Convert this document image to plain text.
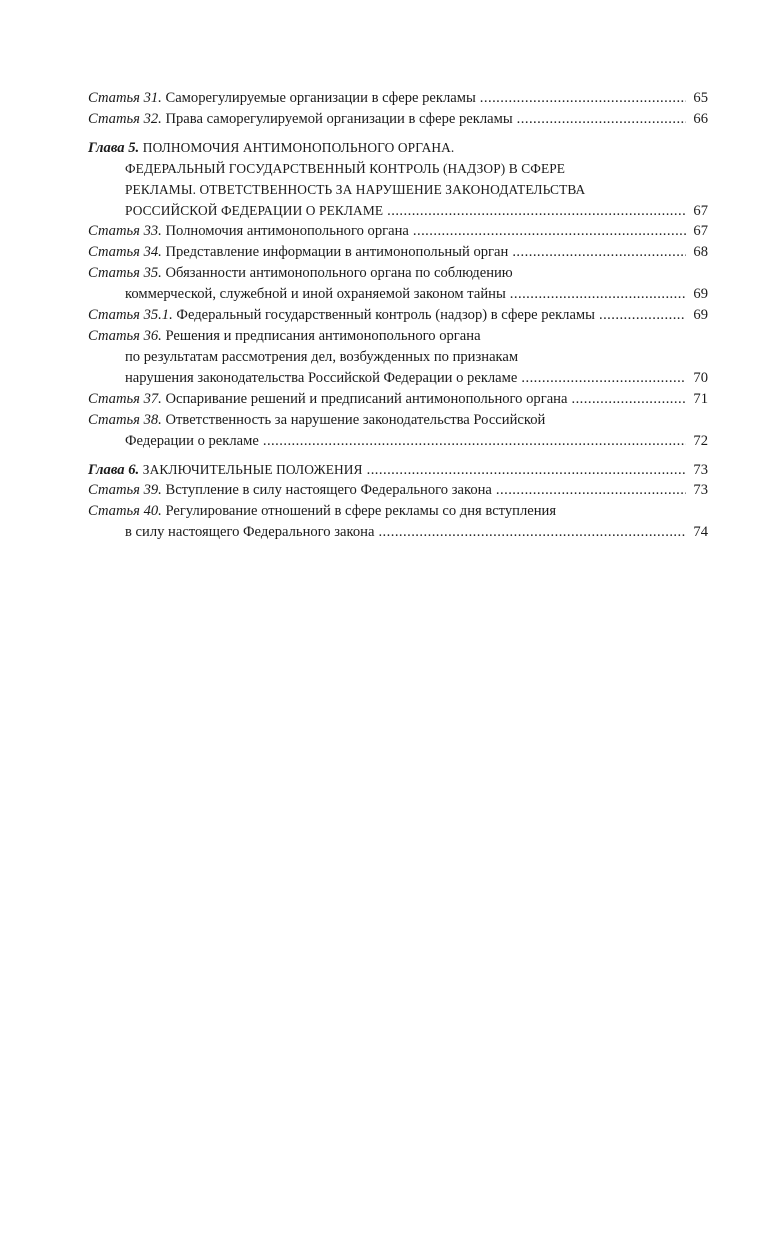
Статья 31.
Саморегулируемые организации в сфере рекламы . . .	65
Статья 32.
Права саморегулируемой организации в сфере рекламы . . .	66
Глава 5.
ПОЛНОМОЧИЯ АНТИМОНОПОЛЬНОГО ОРГАНА.
ФЕДЕРАЛЬНЫЙ ГОСУДАРСТВЕННЫЙ КОНТРОЛЬ (НАДЗОР) В СФЕРЕ
РЕКЛАМЫ. ОТВЕТСТВЕННОСТЬ ЗА НАРУШЕНИЕ ЗАКОНОДАТЕЛЬСТВА
РОССИЙСКОЙ ФЕДЕРАЦИИ О РЕКЛАМЕ . . .	67
Статья 33.
Полномочия антимонопольного органа . . .	67
Статья 34.
Представление информации в антимонопольный орган . . .	68
Статья 35.
Обязанности антимонопольного органа по соблюдению
коммерческой, служебной и иной охраняемой законом тайны . . .	69
Статья 35.1.
Федеральный государственный контроль (надзор) в сфере рекламы . . .	69
Статья 36.
Решения и предписания антимонопольного органа
по результатам рассмотрения дел, возбужденных по признакам
нарушения законодательства Российской Федерации о рекламе . . .	70
Статья 37.
Оспаривание решений и предписаний антимонопольного органа . . .	71
Статья 38.
Ответственность за нарушение законодательства Российской
Федерации о рекламе . . .	72
Глава 6.
ЗАКЛЮЧИТЕЛЬНЫЕ ПОЛОЖЕНИЯ . . .	73
Статья 39.
Вступление в силу настоящего Федерального закона . . .	73
Статья 40.
Регулирование отношений в сфере рекламы со дня вступления
в силу настоящего Федерального закона . . .	74
